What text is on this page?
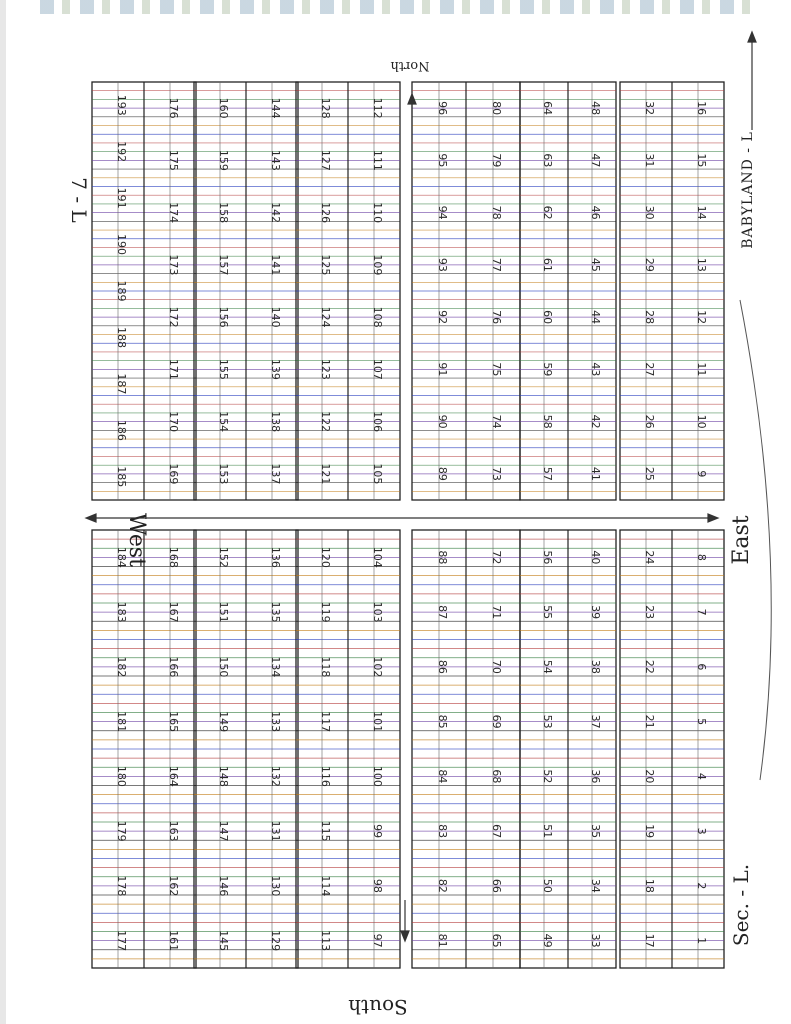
193
192
191
190
189
188
187
186
185
176
175
174
173
172
171
170
169
160
159
158
157
156
155
154
153
144
143
142
141
140
139
138
137
128
127
126
125
124
123
122
121
112
111
110
109
108
107
106
105
96
95
94
93
92
91
90
89
80
79
78
77
76
75
74
73
64
63
62
61
60
59
58
57
48
47
46
45
44
43
42
41
32
31
30
29
28
27
26
25
16
15
14
13
12
11
10
9
184
183
182
181
180
179
178
177
168
167
166
165
164
163
162
161
152
151
150
149
148
147
146
145
136
135
134
133
132
131
130
129
120
119
118
117
116
115
114
113
104
103
102
101
100
99
98
97
88
87
86
85
84
83
82
81
72
71
70
69
68
67
66
65
56
55
54
53
52
51
50
49
40
39
38
37
36
35
34
33
24
23
22
21
20
19
18
17
8
7
6
5
4
3
2
1
West
South
North
East
BABYLAND - L
Sec. - L.
7 - L
